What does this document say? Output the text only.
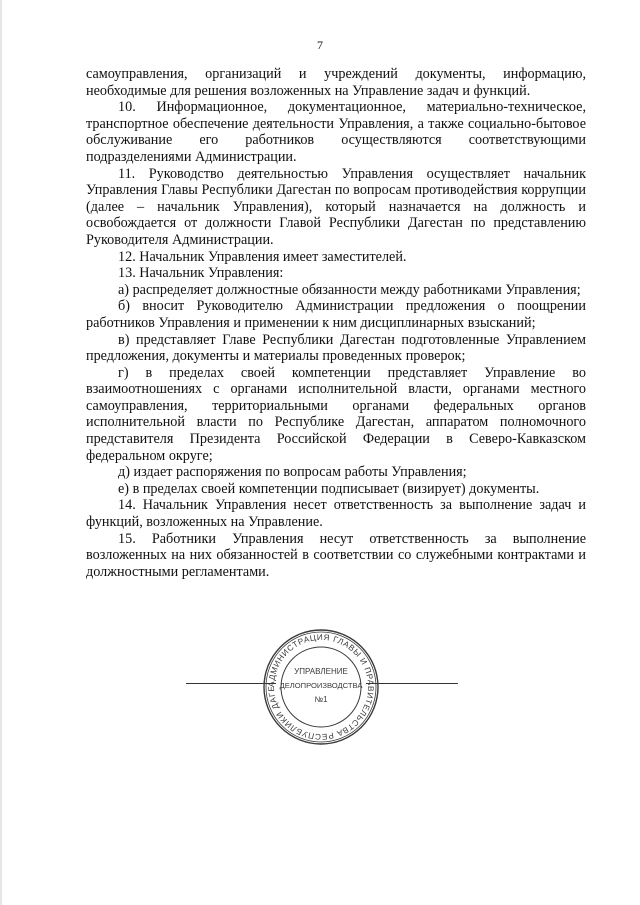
7

самоуправления, организаций и учреждений документы, информацию, необходимые для решения возложенных на Управление задач и функций.

10. Информационное, документационное, материально-техническое, транспортное обеспечение деятельности Управления, а также социально-бытовое обслуживание его работников осуществляются соответствующими подразделениями Администрации.

11. Руководство деятельностью Управления осуществляет начальник Управления Главы Республики Дагестан по вопросам противодействия коррупции (далее – начальник Управления), который назначается на должность и освобождается от должности Главой Республики Дагестан по представлению Руководителя Администрации.

12. Начальник Управления имеет заместителей.

13. Начальник Управления:

а) распределяет должностные обязанности между работниками Управления;

б) вносит Руководителю Администрации предложения о поощрении работников Управления и применении к ним дисциплинарных взысканий;

в) представляет Главе Республики Дагестан подготовленные Управлением предложения, документы и материалы проведенных проверок;

г) в пределах своей компетенции представляет Управление во взаимоотношениях с органами исполнительной власти, органами местного самоуправления, территориальными органами федеральных органов исполнительной власти по Республике Дагестан, аппаратом полномочного представителя Президента Российской Федерации в Северо-Кавказском федеральном округе;

д) издает распоряжения по вопросам работы Управления;

е) в пределах своей компетенции подписывает (визирует) документы.

14. Начальник Управления несет ответственность за выполнение задач и функций, возложенных на Управление.

15. Работники Управления несут ответственность за выполнение возложенных на них обязанностей в соответствии со служебными контрактами и должностными регламентами.

АДМИНИСТРАЦИЯ ГЛАВЫ И ПРАВИТЕЛЬСТВА РЕСПУБЛИКИ ДАГЕ
УПРАВЛЕНИЕ
ДЕЛОПРОИЗВОДСТВА
№1
